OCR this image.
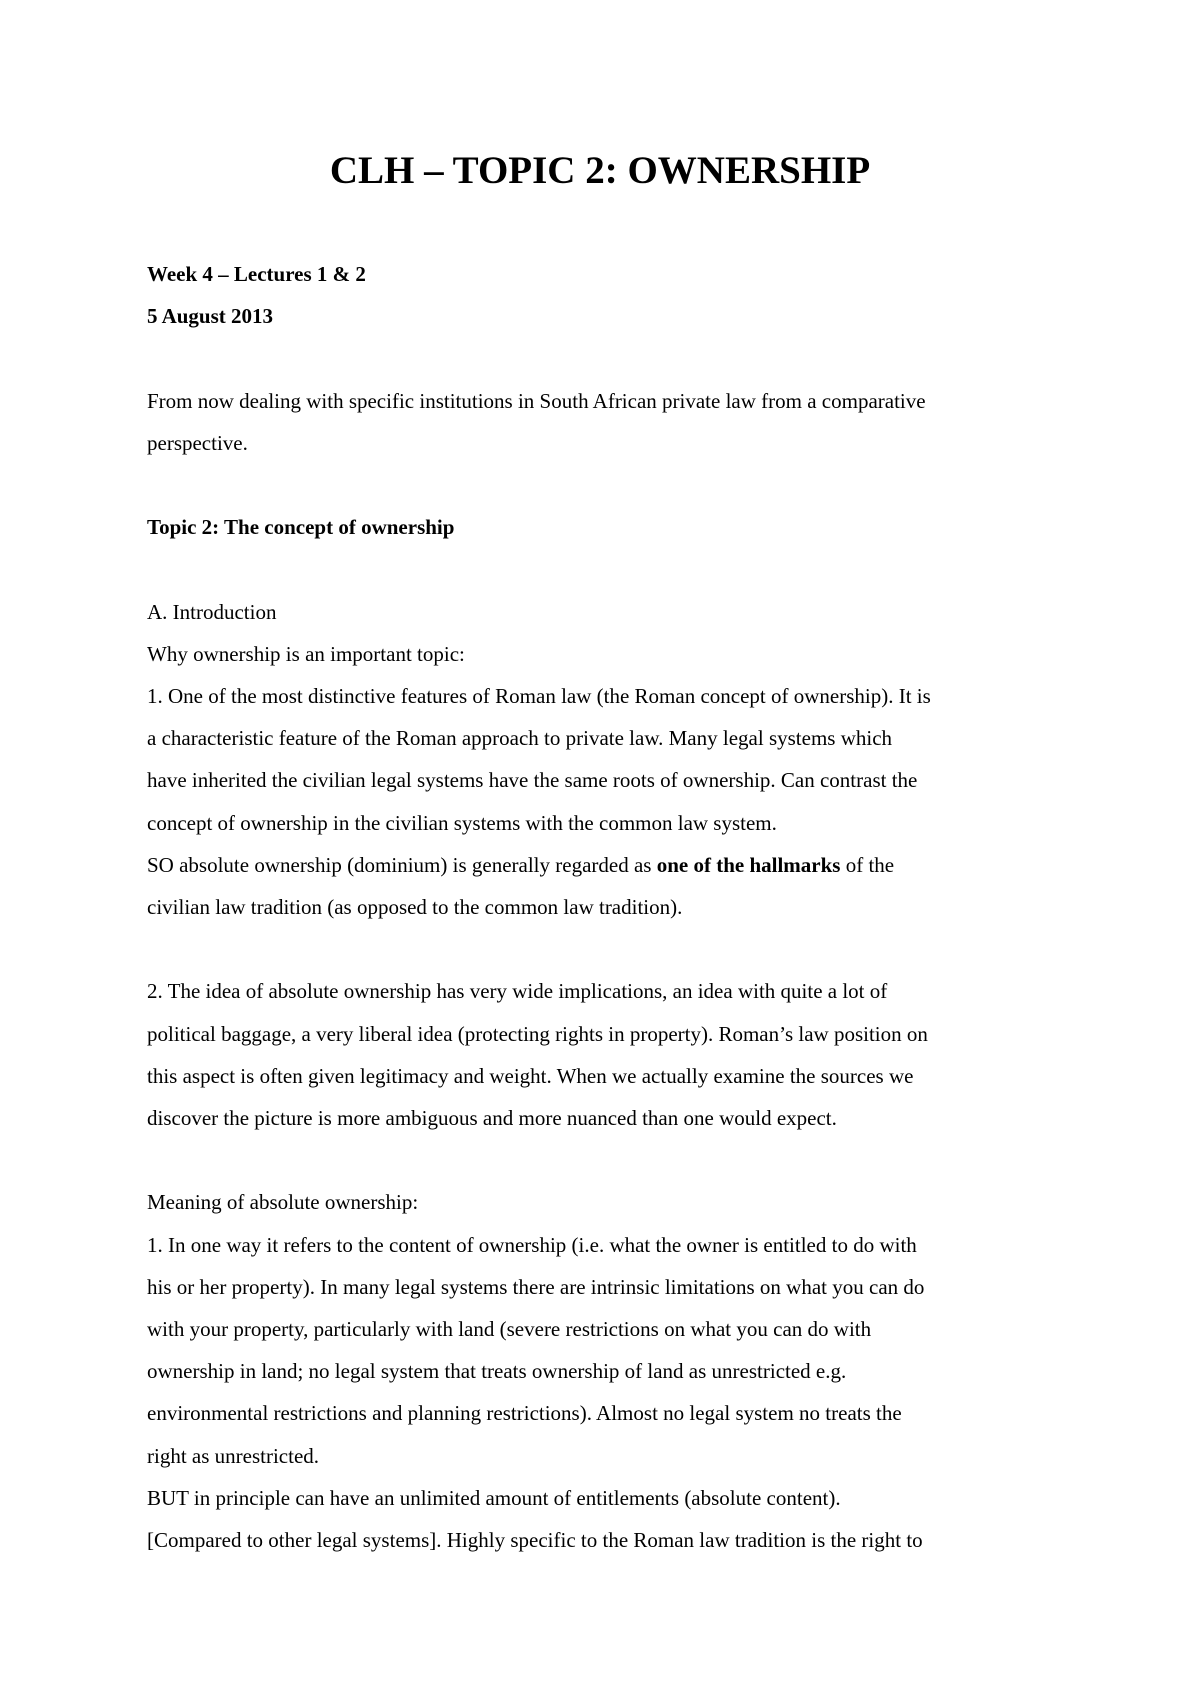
CLH – TOPIC 2: OWNERSHIP

Week 4 – Lectures 1 & 2

5 August 2013

From now dealing with specific institutions in South African private law from a comparative

perspective.

Topic 2: The concept of ownership

A. Introduction

Why ownership is an important topic:

1. One of the most distinctive features of Roman law (the Roman concept of ownership). It is

a characteristic feature of the Roman approach to private law. Many legal systems which

have inherited the civilian legal systems have the same roots of ownership. Can contrast the

concept of ownership in the civilian systems with the common law system.

SO absolute ownership (dominium) is generally regarded as one of the hallmarks of the

civilian law tradition (as opposed to the common law tradition).

2. The idea of absolute ownership has very wide implications, an idea with quite a lot of

political baggage, a very liberal idea (protecting rights in property). Roman’s law position on

this aspect is often given legitimacy and weight. When we actually examine the sources we

discover the picture is more ambiguous and more nuanced than one would expect.

Meaning of absolute ownership:

1. In one way it refers to the content of ownership (i.e. what the owner is entitled to do with

his or her property). In many legal systems there are intrinsic limitations on what you can do

with your property, particularly with land (severe restrictions on what you can do with

ownership in land; no legal system that treats ownership of land as unrestricted e.g.

environmental restrictions and planning restrictions). Almost no legal system no treats the

right as unrestricted.

BUT in principle can have an unlimited amount of entitlements (absolute content).

[Compared to other legal systems]. Highly specific to the Roman law tradition is the right to
